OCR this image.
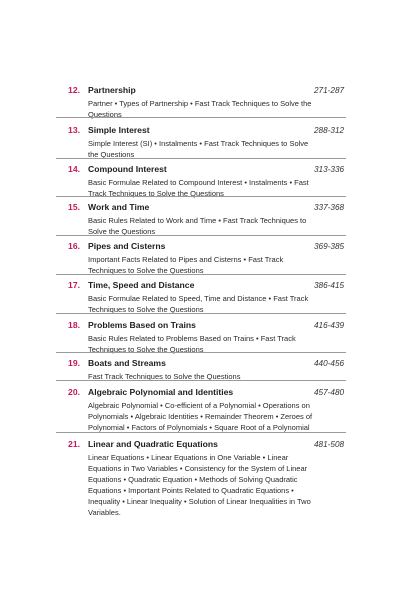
12. Partnership	271-287
Partner • Types of Partnership • Fast Track Techniques to Solve the Questions
13. Simple Interest	288-312
Simple Interest (SI) • Instalments • Fast Track Techniques to Solve the Questions
14. Compound Interest	313-336
Basic Formulae Related to Compound Interest • Instalments • Fast Track Techniques to Solve the Questions
15. Work and Time	337-368
Basic Rules Related to Work and Time • Fast Track Techniques to Solve the Questions
16. Pipes and Cisterns	369-385
Important Facts Related to Pipes and Cisterns • Fast Track Techniques to Solve the Questions
17. Time, Speed and Distance	386-415
Basic Formulae Related to Speed, Time and Distance • Fast Track Techniques to Solve the Questions
18. Problems Based on Trains	416-439
Basic Rules Related to Problems Based on Trains • Fast Track Techniques to Solve the Questions
19. Boats and Streams	440-456
Fast Track Techniques to Solve the Questions
20. Algebraic Polynomial and Identities	457-480
Algebraic Polynomial • Co-efficient of a Polynomial • Operations on Polynomials • Algebraic Identities • Remainder Theorem • Zeroes of Polynomial • Factors of Polynomials • Square Root of a Polynomial
21. Linear and Quadratic Equations	481-508
Linear Equations • Linear Equations in One Variable • Linear Equations in Two Variables • Consistency for the System of Linear Equations • Quadratic Equation • Methods of Solving Quadratic Equations • Important Points Related to Quadratic Equations • Inequality • Linear Inequality • Solution of Linear Inequalities in Two Variables.
